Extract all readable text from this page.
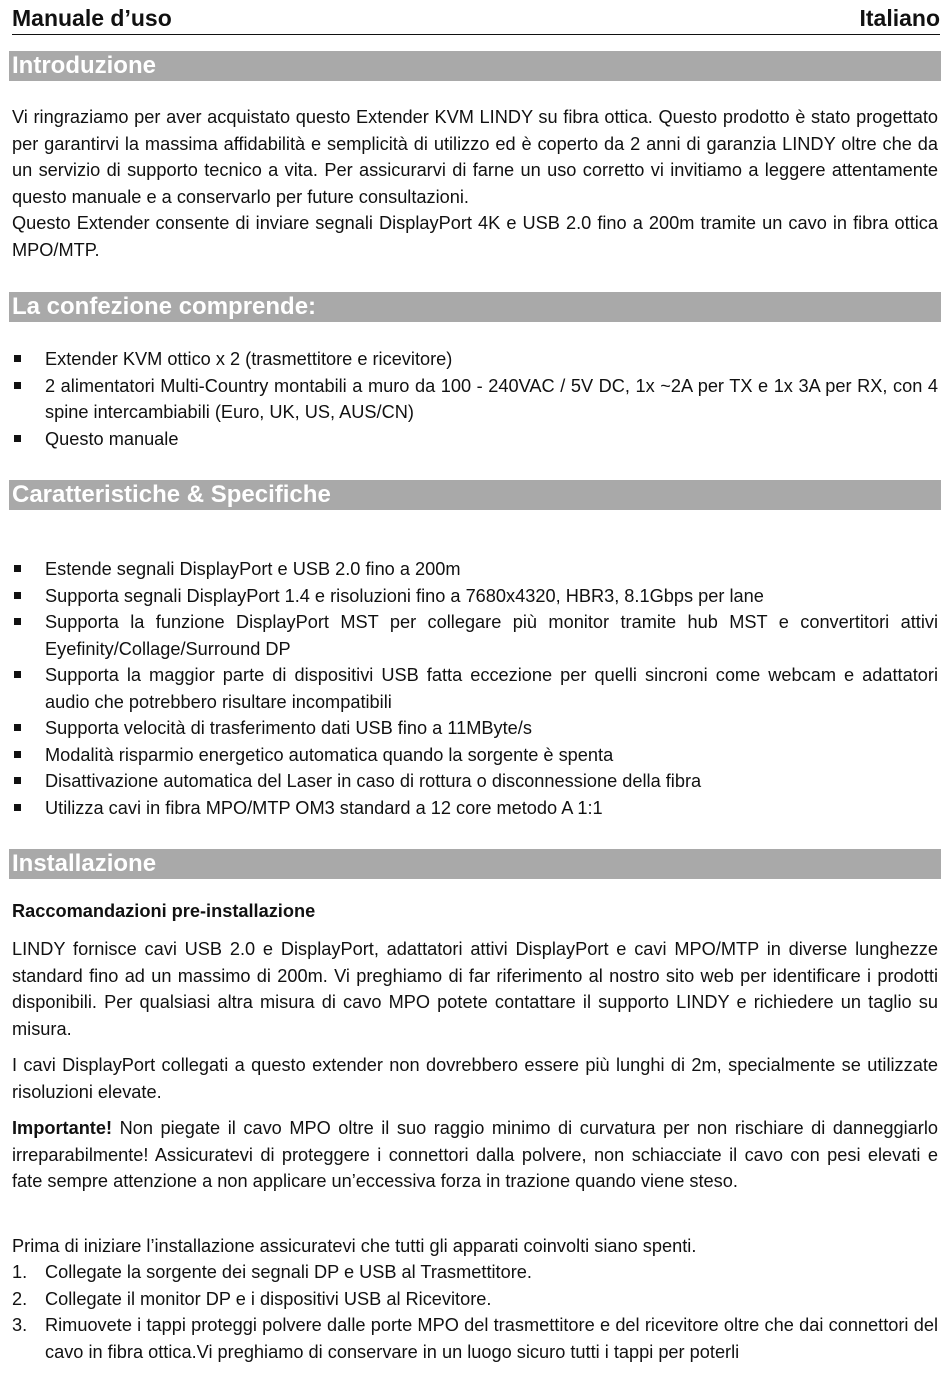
Manuale d’uso	Italiano
Introduzione

Vi ringraziamo per aver acquistato questo Extender KVM LINDY su fibra ottica. Questo prodotto è stato progettato per garantirvi la massima affidabilità e semplicità di utilizzo ed è coperto da 2 anni di garanzia LINDY oltre che da un servizio di supporto tecnico a vita. Per assicurarvi di farne un uso corretto vi invitiamo a leggere attentamente questo manuale e a conservarlo per future consultazioni.

Questo Extender consente di inviare segnali DisplayPort 4K e USB 2.0 fino a 200m tramite un cavo in fibra ottica MPO/MTP.

La confezione comprende:
Extender KVM ottico x 2 (trasmettitore e ricevitore)
2 alimentatori Multi-Country montabili a muro da 100 - 240VAC / 5V DC, 1x ~2A per TX e 1x 3A per RX, con 4 spine intercambiabili (Euro, UK, US, AUS/CN)
Questo manuale
Caratteristiche & Specifiche
Estende segnali DisplayPort e USB 2.0 fino a 200m
Supporta segnali DisplayPort 1.4 e risoluzioni fino a 7680x4320, HBR3, 8.1Gbps per lane
Supporta la funzione DisplayPort MST per collegare più monitor tramite hub MST e convertitori attivi Eyefinity/Collage/Surround DP
Supporta la maggior parte di dispositivi USB fatta eccezione per quelli sincroni come webcam e adattatori audio che potrebbero risultare incompatibili
Supporta velocità di trasferimento dati USB fino a 11MByte/s
Modalità risparmio energetico automatica quando la sorgente è spenta
Disattivazione automatica del Laser in caso di rottura o disconnessione della fibra
Utilizza cavi in fibra MPO/MTP OM3 standard a 12 core metodo A 1:1
Installazione
Raccomandazioni pre-installazione

LINDY fornisce cavi USB 2.0 e DisplayPort, adattatori attivi DisplayPort e cavi MPO/MTP in diverse lunghezze standard fino ad un massimo di 200m. Vi preghiamo di far riferimento al nostro sito web per identificare i prodotti disponibili. Per qualsiasi altra misura di cavo MPO potete contattare il supporto LINDY e richiedere un taglio su misura.

I cavi DisplayPort collegati a questo extender non dovrebbero essere più lunghi di 2m, specialmente se utilizzate risoluzioni elevate.

Importante! Non piegate il cavo MPO oltre il suo raggio minimo di curvatura per non rischiare di danneggiarlo irreparabilmente! Assicuratevi di proteggere i connettori dalla polvere, non schiacciate il cavo con pesi elevati e fate sempre attenzione a non applicare un’eccessiva forza in trazione quando viene steso.

Prima di iniziare l’installazione assicuratevi che tutti gli apparati coinvolti siano spenti.

1. Collegate la sorgente dei segnali DP e USB al Trasmettitore.
2. Collegate il monitor DP e i dispositivi USB al Ricevitore.
3. Rimuovete i tappi proteggi polvere dalle porte MPO del trasmettitore e del ricevitore oltre che dai connettori del cavo in fibra ottica.Vi preghiamo di conservare in un luogo sicuro tutti i tappi per poterli
